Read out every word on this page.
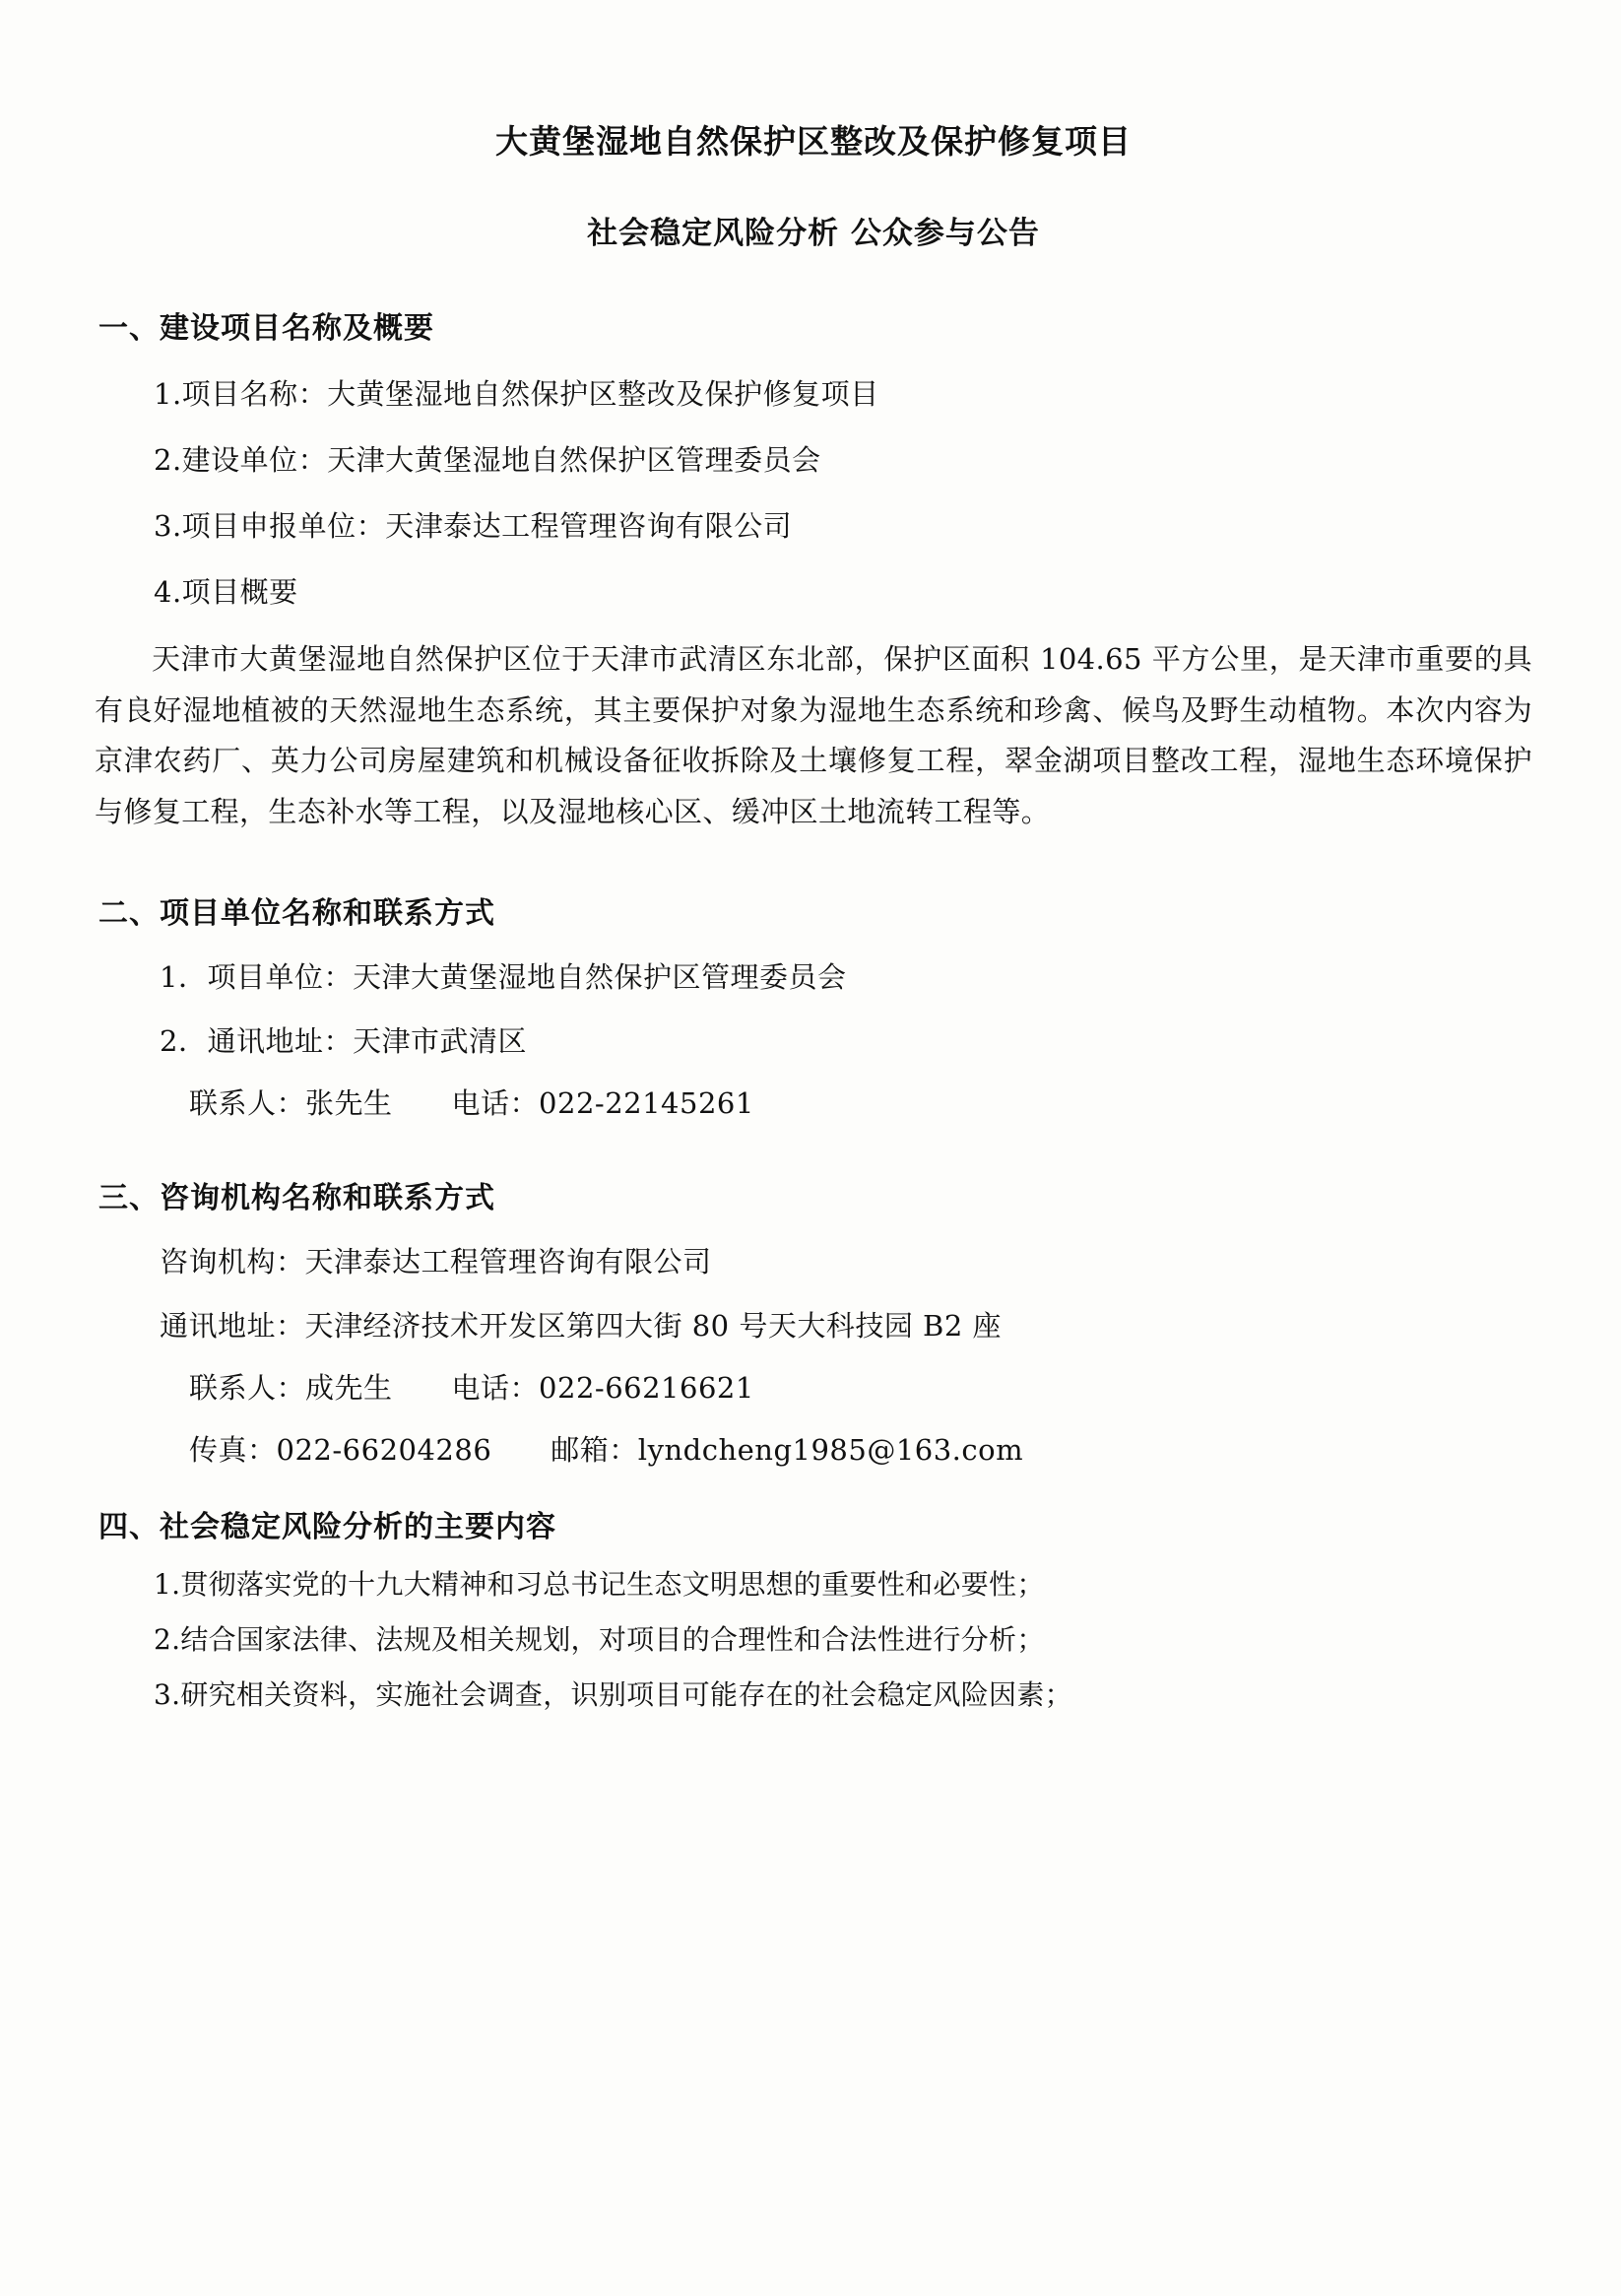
大黄堡湿地自然保护区整改及保护修复项目
社会稳定风险分析 公众参与公告
一、建设项目名称及概要
1.项目名称：大黄堡湿地自然保护区整改及保护修复项目
2.建设单位：天津大黄堡湿地自然保护区管理委员会
3.项目申报单位：天津泰达工程管理咨询有限公司
4.项目概要
天津市大黄堡湿地自然保护区位于天津市武清区东北部，保护区面积 104.65 平方公里，是天津市重要的具有良好湿地植被的天然湿地生态系统，其主要保护对象为湿地生态系统和珍禽、候鸟及野生动植物。本次内容为京津农药厂、英力公司房屋建筑和机械设备征收拆除及土壤修复工程，翠金湖项目整改工程，湿地生态环境保护与修复工程，生态补水等工程，以及湿地核心区、缓冲区土地流转工程等。
二、项目单位名称和联系方式
1．项目单位：天津大黄堡湿地自然保护区管理委员会
2．通讯地址：天津市武清区
联系人：张先生 电话：022-22145261
三、咨询机构名称和联系方式
咨询机构：天津泰达工程管理咨询有限公司
通讯地址：天津经济技术开发区第四大街 80 号天大科技园 B2 座
联系人：成先生 电话：022-66216621
传真：022-66204286 邮箱：lyndcheng1985@163.com
四、社会稳定风险分析的主要内容
1.贯彻落实党的十九大精神和习总书记生态文明思想的重要性和必要性；
2.结合国家法律、法规及相关规划，对项目的合理性和合法性进行分析；
3.研究相关资料，实施社会调查，识别项目可能存在的社会稳定风险因素；
